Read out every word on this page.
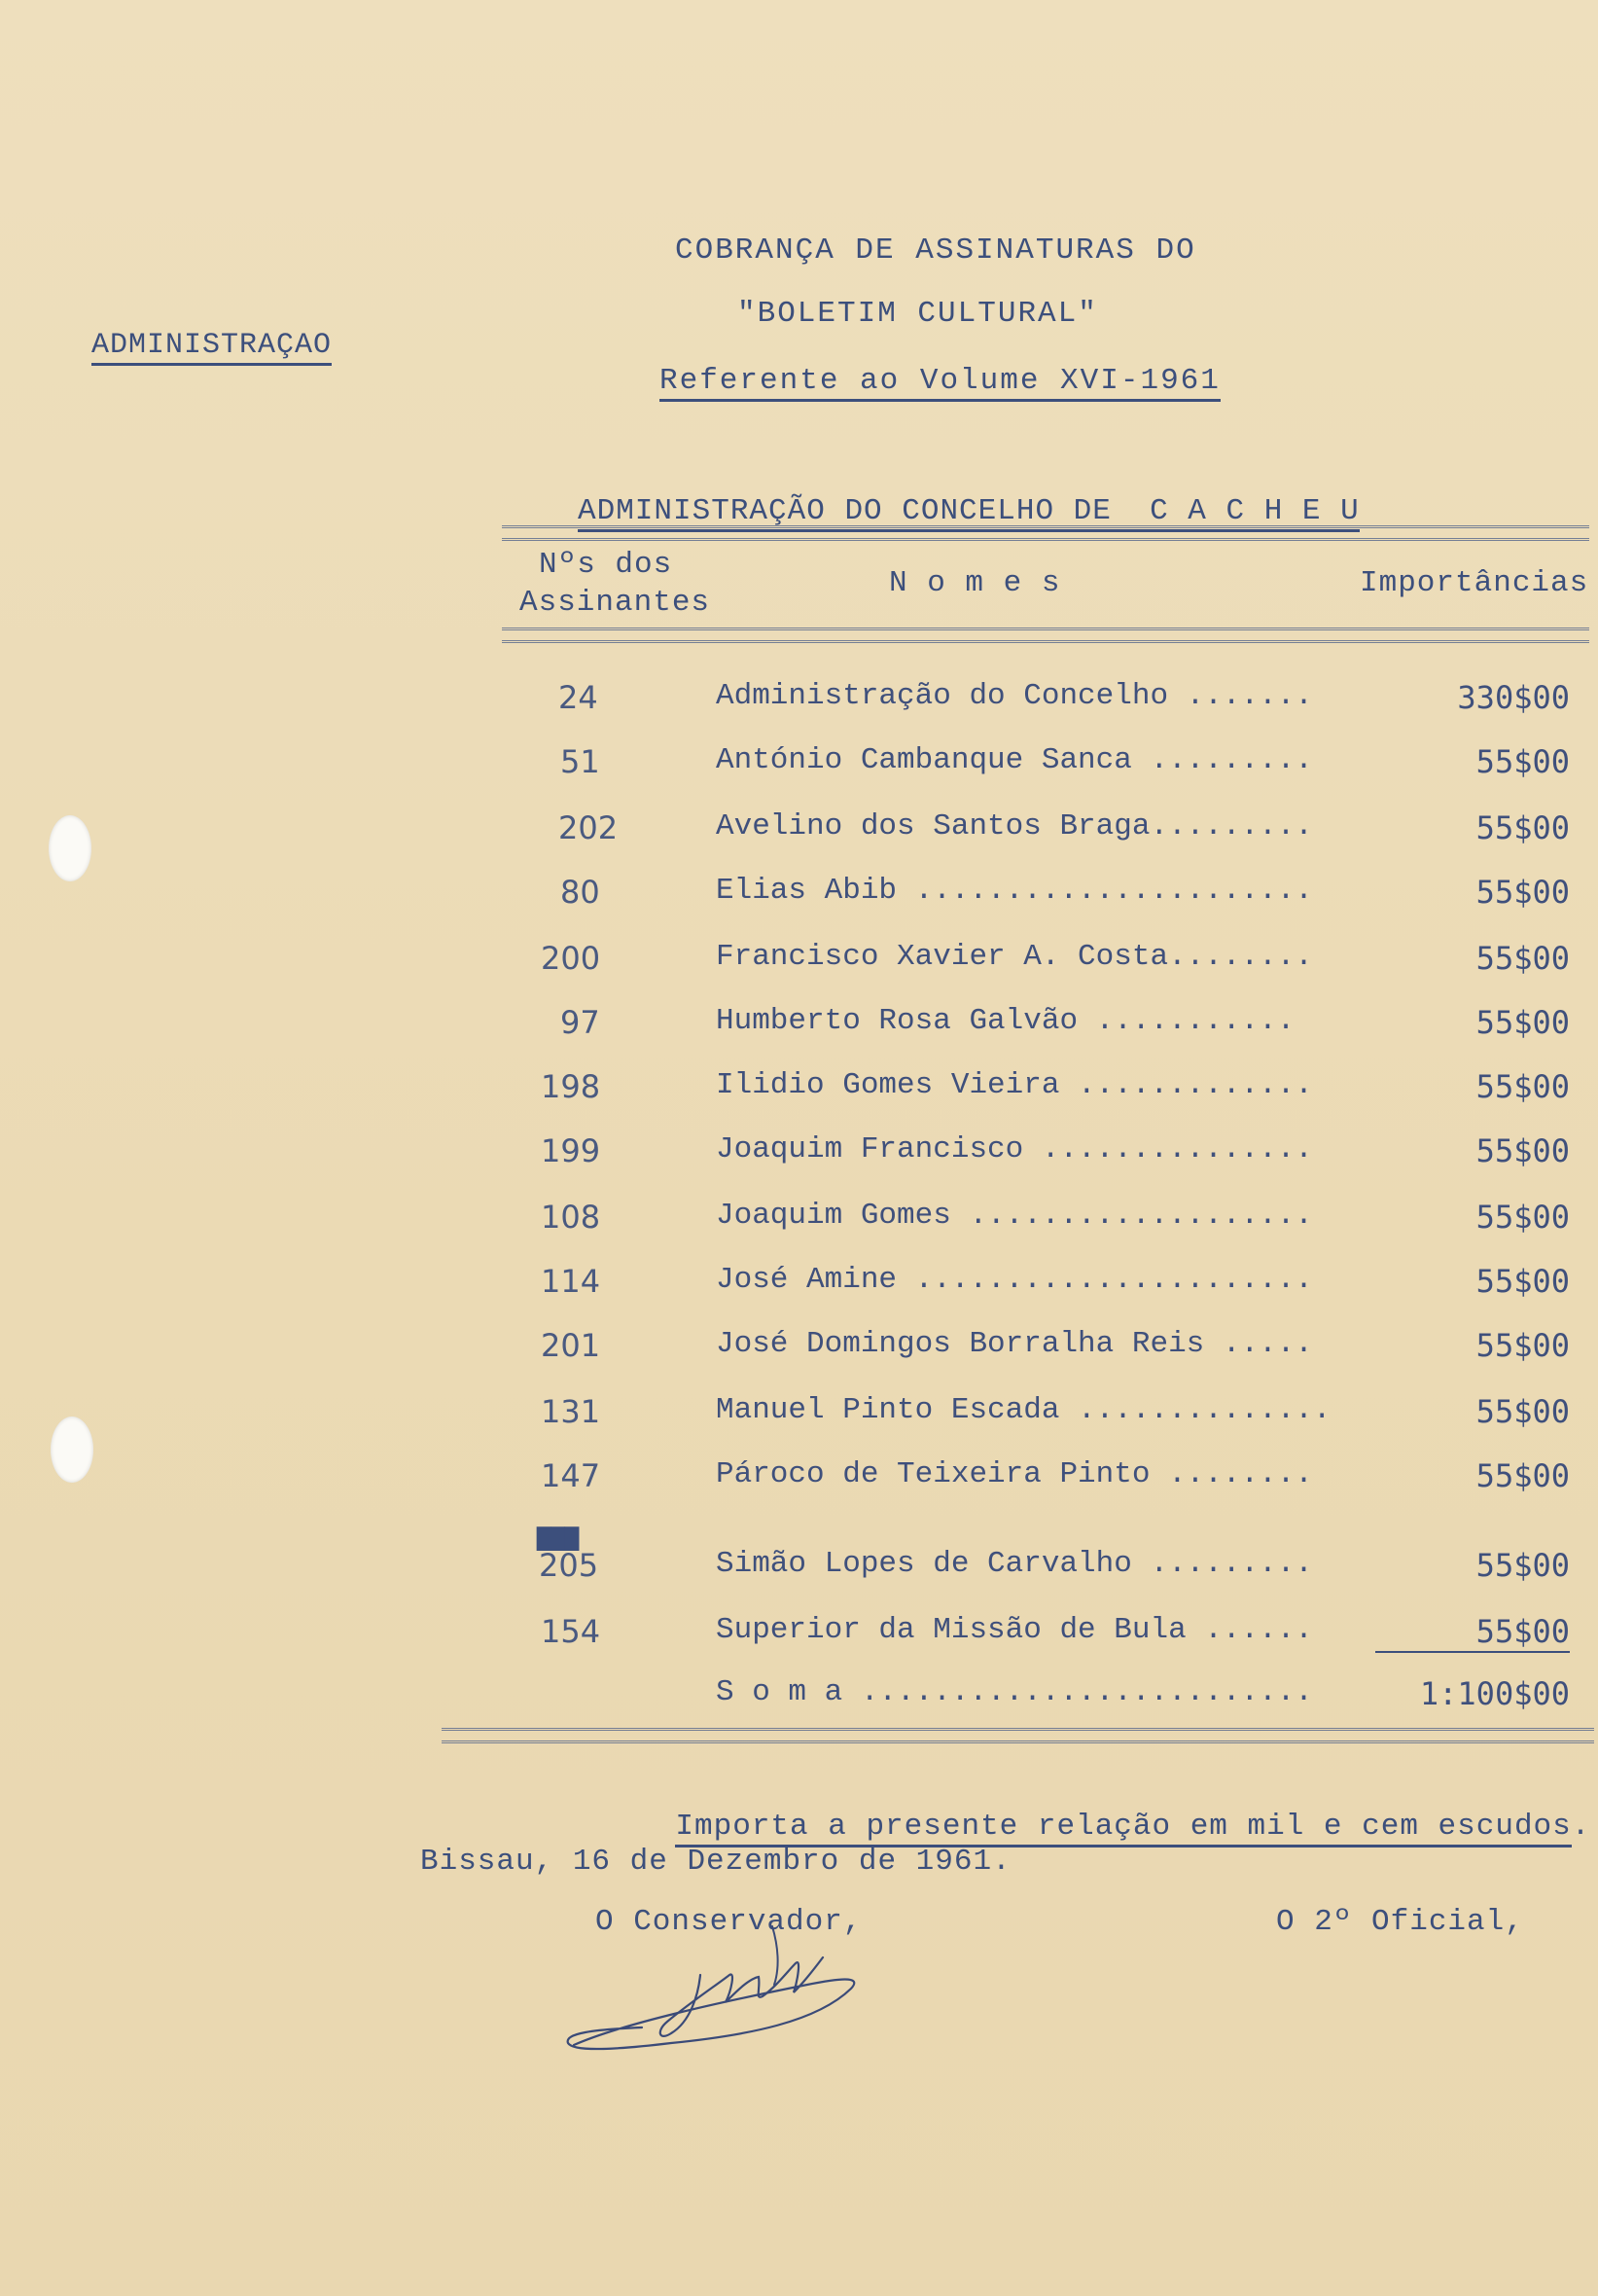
ADMINISTRAÇAO
COBRANÇA DE ASSINATURAS DO
"BOLETIM CULTURAL"
Referente ao Volume XVI-1961
ADMINISTRAÇÃO DO CONCELHO DE  C A C H E U
Nºs dos
Assinantes
N o m e s	Importâncias
24	Administração do Concelho .......	330$00
51	António Cambanque Sanca .........	55$00
202	Avelino dos Santos Braga.........	55$00
80	Elias Abib ......................	55$00
200	Francisco Xavier A. Costa........	55$00
97	Humberto Rosa Galvão ...........	55$00
198	Ilidio Gomes Vieira .............	55$00
199	Joaquim Francisco ...............	55$00
108	Joaquim Gomes ...................	55$00
114	José Amine ......................	55$00
201	José Domingos Borralha Reis .....	55$00
131	Manuel Pinto Escada ..............	55$00
147	Pároco de Teixeira Pinto ........	55$00
▇▇▇
205	Simão Lopes de Carvalho .........	55$00
154	Superior da Missão de Bula ......	55$00
S o m a .........................	1:100$00

Importa a presente relação em mil e cem escudos.

Bissau, 16 de Dezembro de 1961.
O Conservador,	O 2º Oficial,
